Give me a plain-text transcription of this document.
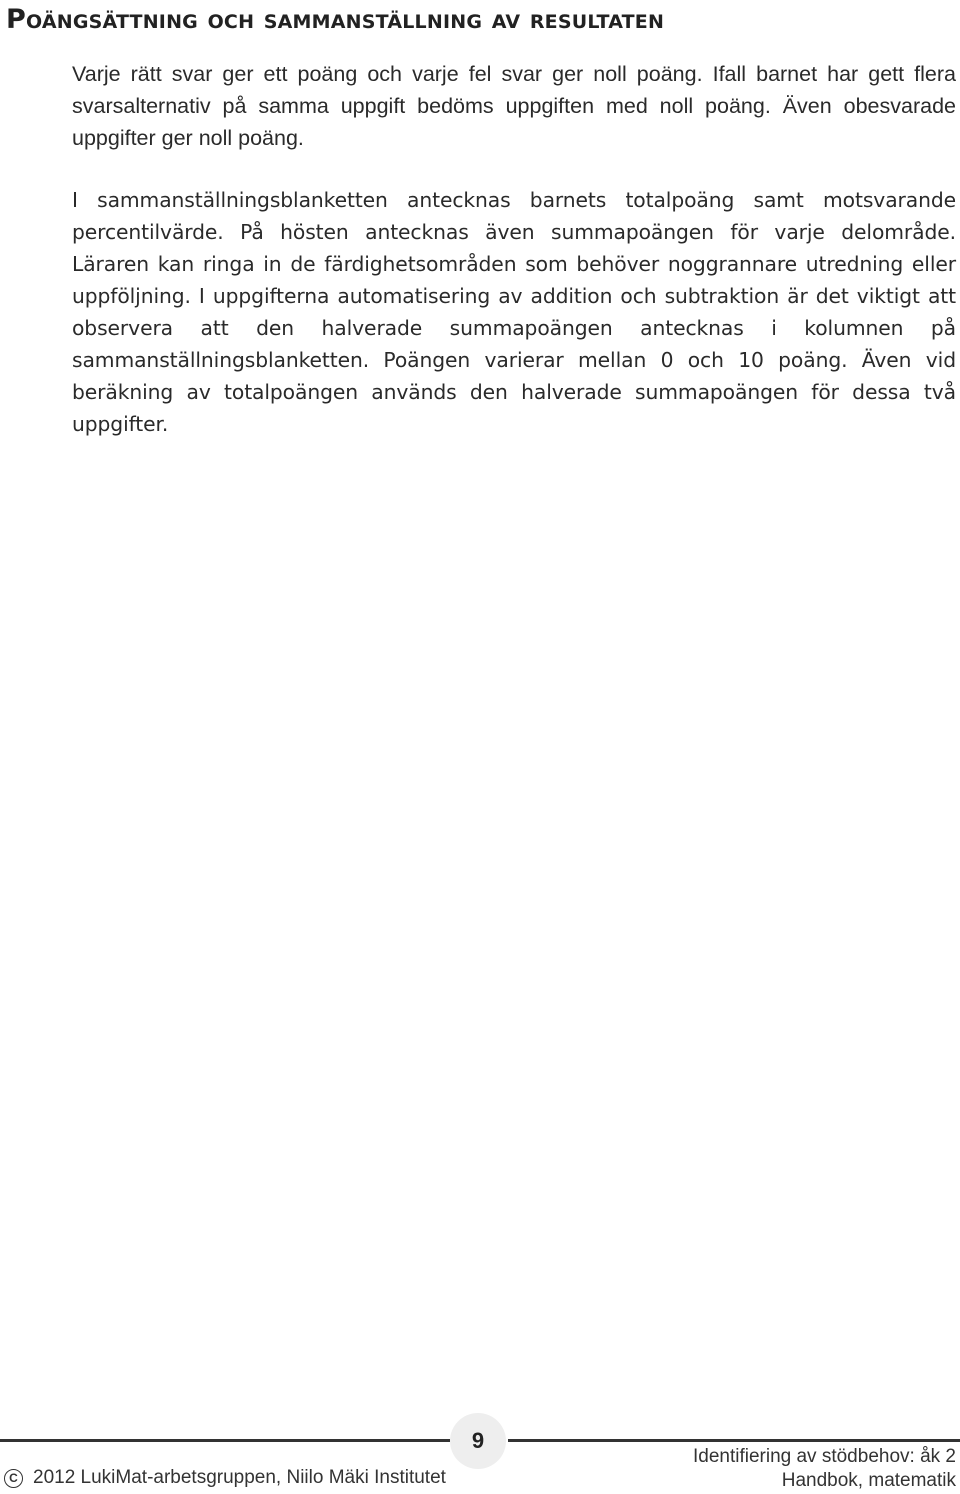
Poängsättning och sammanställning av resultaten

Varje rätt svar ger ett poäng och varje fel svar ger noll poäng. Ifall barnet har gett flera svarsalternativ på samma uppgift bedöms uppgiften med noll poäng. Även obesvarade uppgifter ger noll poäng.

I sammanställningsblanketten antecknas barnets totalpoäng samt motsvarande percentilvärde. På hösten antecknas även summapoängen för varje delområde. Läraren kan ringa in de färdighetsområden som behöver noggrannare utredning eller uppföljning. I uppgifterna automatisering av addition och subtraktion är det viktigt att observera att den halverade summapoängen antecknas i kolumnen på sammanställningsblanketten. Poängen varierar mellan 0 och 10 poäng. Även vid beräkning av totalpoängen används den halverade summapoängen för dessa två uppgifter.

9
C 2012 LukiMat-arbetsgruppen, Niilo Mäki Institutet
Identifiering av stödbehov: åk 2
Handbok, matematik
